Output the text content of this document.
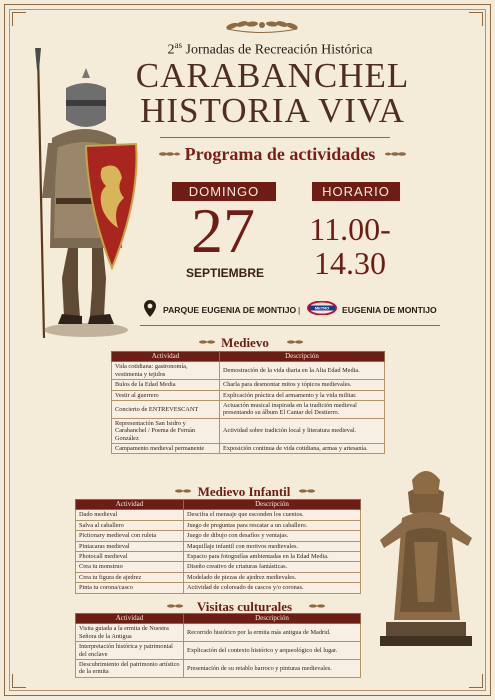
$2^{as}$ Jornadas de Recreación Histórica
CARABANCHEL
HISTORIA VIVA
Programa de actividades
DOMINGO	HORARIO
27
SEPTIEMBRE
11.00-
14.30
PARQUE EUGENIA DE MONTIJO |	METRO EUGENIA DE MONTIJO
Medievo
Actividad	Descripción
Vida cotidiana: gastronomía, vestimenta y tejidos	Demostración de la vida diaria en la Alta Edad Media.
Bulos de la Edad Media	Charla para desmontar mitos y tópicos medievales.
Vestir al guerrero	Explicación práctica del armamento y la vida militar.
Concierto de ENTREVESCANT	Actuación musical inspirada en la tradición medieval presentando su álbum El Cantar del Destierro.
Representación San Isidro y Carabanchel / Poema de Fernán González	Actividad sobre tradición local y literatura medieval.
Campamento medieval permanente	Exposición continua de vida cotidiana, armas y artesanía.
Medievo Infantil
Actividad	Descripción
Dado medieval	Descifra el mensaje que esconden los cuentos.
Salva al caballero	Juego de preguntas para rescatar a un caballero.
Pictionary medieval con ruleta	Juego de dibujo con desafíos y ventajas.
Pintacaras medieval	Maquillaje infantil con motivos medievales.
Photocall medieval	Espacio para fotografías ambientadas en la Edad Media.
Crea tu monstruo	Diseño creativo de criaturas fantásticas.
Crea tu figura de ajedrez	Modelado de piezas de ajedrez medievales.
Pinta tu corona/casco	Actividad de coloreado de cascos y/o coronas.
Visitas culturales
Actividad	Descripción
Visita guiada a la ermita de Nuestra Señora de la Antigua	Recorrido histórico por la ermita más antigua de Madrid.
Interpretación histórica y patrimonial del enclave	Explicación del contexto histórico y arqueológico del lugar.
Descubrimiento del patrimonio artístico de la ermita	Presentación de su retablo barroco y pinturas medievales.
